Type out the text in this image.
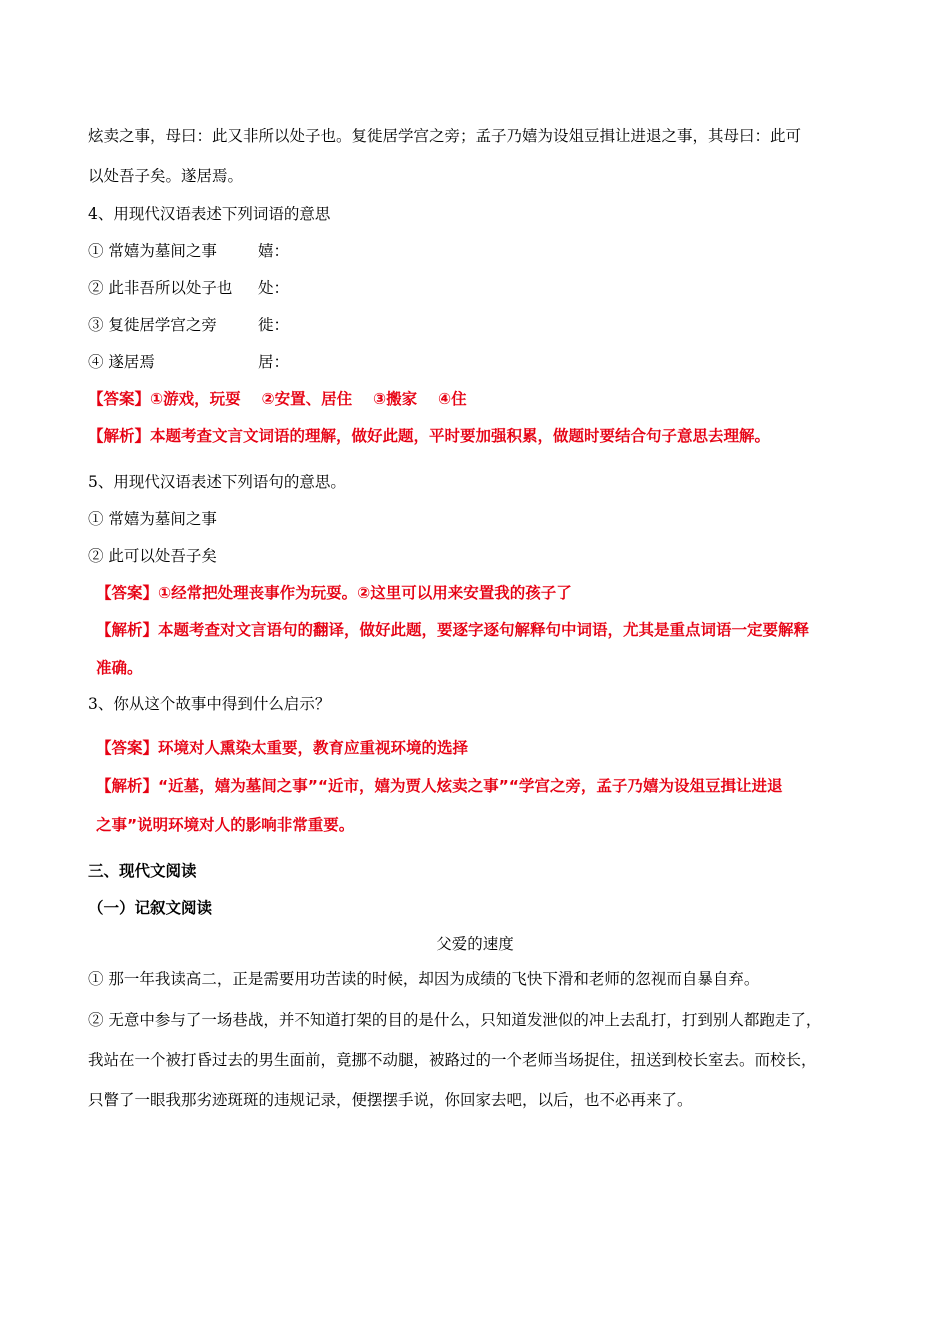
炫卖之事，母曰：此又非所以处子也。复徙居学宫之旁；孟子乃嬉为设俎豆揖让进退之事，其母曰：此可
以处吾子矣。遂居焉。
4、用现代汉语表述下列词语的意思
① 常嬉为墓间之事	嬉：
② 此非吾所以处子也 处：
③ 复徙居学宫之旁	徙：
④ 遂居焉	居：
【答案】①游戏，玩耍　 ②安置、居住　 ③搬家　 ④住
【解析】本题考查文言文词语的理解，做好此题，平时要加强积累，做题时要结合句子意思去理解。
5、用现代汉语表述下列语句的意思。
① 常嬉为墓间之事
② 此可以处吾子矣
【答案】①经常把处理丧事作为玩耍。②这里可以用来安置我的孩子了
【解析】本题考查对文言语句的翻译，做好此题，要逐字逐句解释句中词语，尤其是重点词语一定要解释
准确。
3、你从这个故事中得到什么启示？
【答案】环境对人熏染太重要，教育应重视环境的选择
【解析】“近墓，嬉为墓间之事”“近市，嬉为贾人炫卖之事”“学宫之旁，孟子乃嬉为设俎豆揖让进退
之事”说明环境对人的影响非常重要。
三、现代文阅读
（一）记叙文阅读
父爱的速度
① 那一年我读高二，正是需要用功苦读的时候，却因为成绩的飞快下滑和老师的忽视而自暴自弃。
② 无意中参与了一场巷战，并不知道打架的目的是什么，只知道发泄似的冲上去乱打，打到别人都跑走了，
我站在一个被打昏过去的男生面前，竟挪不动腿，被路过的一个老师当场捉住，扭送到校长室去。而校长，
只瞥了一眼我那劣迹斑斑的违规记录，便摆摆手说，你回家去吧，以后，也不必再来了。
